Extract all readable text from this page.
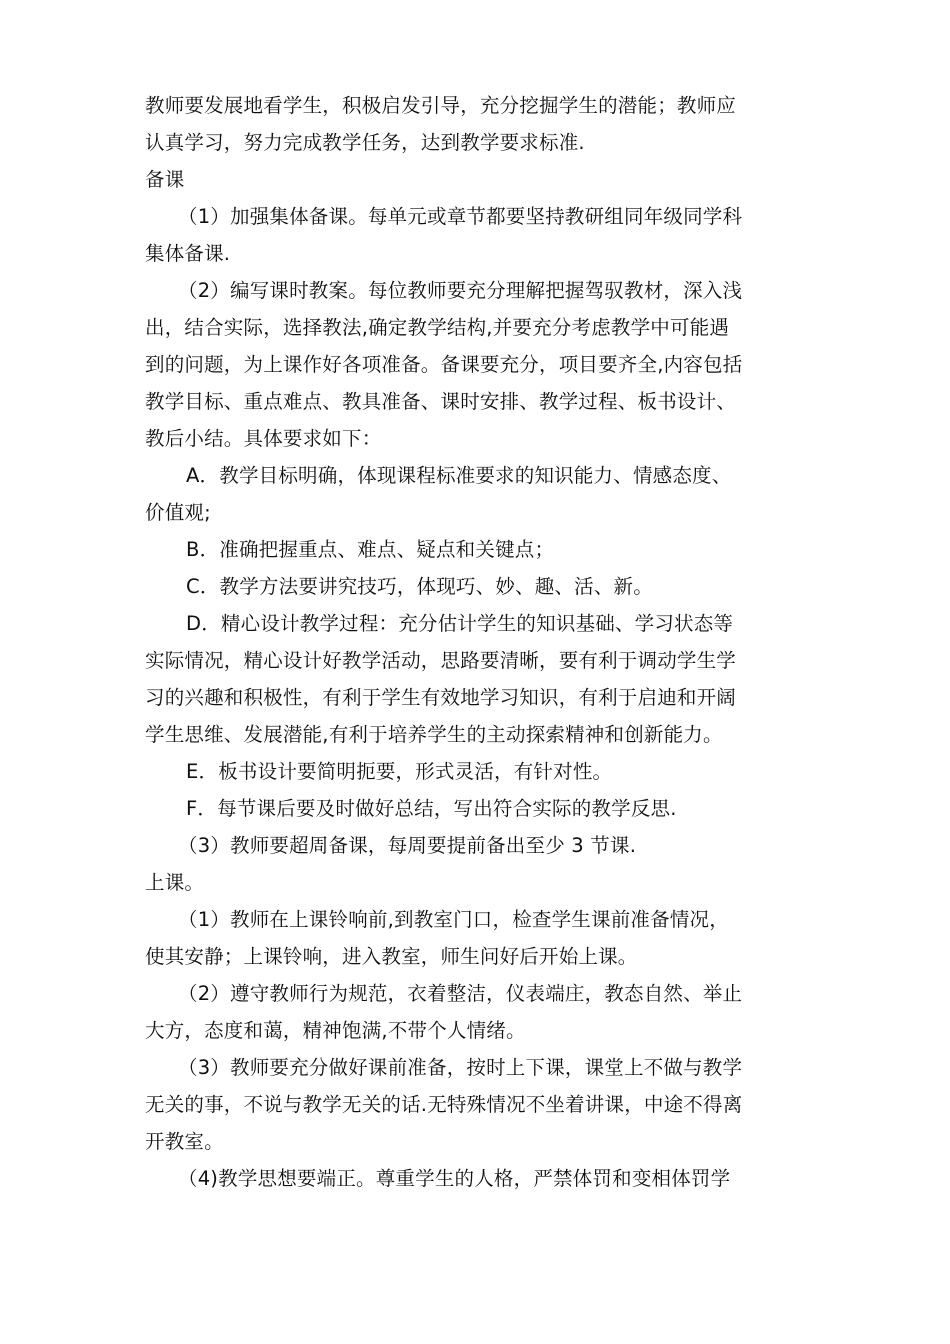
教师要发展地看学生，积极启发引导，充分挖掘学生的潜能；教师应
认真学习，努力完成教学任务，达到教学要求标准.
备课
（1）加强集体备课。每单元或章节都要坚持教研组同年级同学科
集体备课.
（2）编写课时教案。每位教师要充分理解把握驾驭教材，深入浅
出，结合实际，选择教法,确定教学结构,并要充分考虑教学中可能遇
到的问题，为上课作好各项准备。备课要充分，项目要齐全,内容包括
教学目标、重点难点、教具准备、课时安排、教学过程、板书设计、
教后小结。具体要求如下：
A．教学目标明确，体现课程标准要求的知识能力、情感态度、
价值观;
B．准确把握重点、难点、疑点和关键点；
C．教学方法要讲究技巧，体现巧、妙、趣、活、新。
D．精心设计教学过程：充分估计学生的知识基础、学习状态等
实际情况，精心设计好教学活动，思路要清晰，要有利于调动学生学
习的兴趣和积极性，有利于学生有效地学习知识，有利于启迪和开阔
学生思维、发展潜能,有利于培养学生的主动探索精神和创新能力。
E．板书设计要简明扼要，形式灵活，有针对性。
F．每节课后要及时做好总结，写出符合实际的教学反思.
（3）教师要超周备课，每周要提前备出至少 3 节课.
上课。
（1）教师在上课铃响前,到教室门口，检查学生课前准备情况，
使其安静；上课铃响，进入教室，师生问好后开始上课。
（2）遵守教师行为规范，衣着整洁，仪表端庄，教态自然、举止
大方，态度和蔼，精神饱满,不带个人情绪。
（3）教师要充分做好课前准备，按时上下课，课堂上不做与教学
无关的事，不说与教学无关的话.无特殊情况不坐着讲课，中途不得离
开教室。
（4)教学思想要端正。尊重学生的人格，严禁体罚和变相体罚学
